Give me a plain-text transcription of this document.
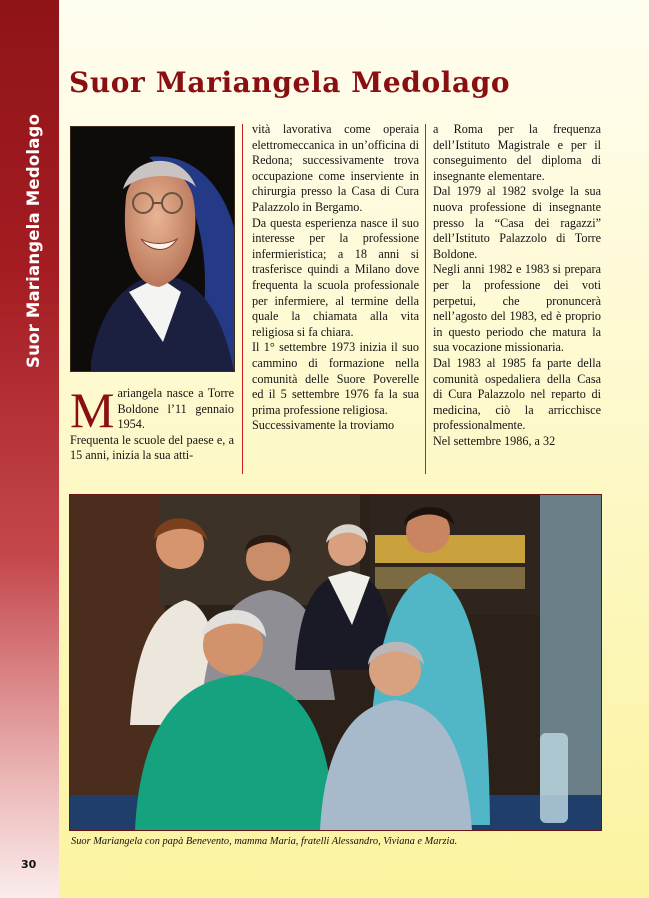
Suor Mariangela Medolago
30
Suor Mariangela Medolago
M ariangela nasce a Torre Boldone l’11 gennaio 1954.

Frequenta le scuole del paese e, a 15 anni, inizia la sua atti-

vità lavorativa come operaia elettromeccanica in un’officina di Redona; successivamente trova occupazione come inserviente in chirurgia presso la Casa di Cura Palazzolo in Bergamo.

Da questa esperienza nasce il suo interesse per la professione infermieristica; a 18 anni si trasferisce quindi a Milano dove frequenta la scuola professionale per infermiere, al termine della quale la chiamata alla vita religiosa si fa chiara.

Il 1° settembre 1973 inizia il suo cammino di formazione nella comunità delle Suore Poverelle ed il 5 settembre 1976 fa la sua prima professione religiosa.

Successivamente la troviamo

a Roma per la frequenza dell’Istituto Magistrale e per il conseguimento del diploma di insegnante elementare.

Dal 1979 al 1982 svolge la sua nuova professione di insegnante presso la “Casa dei ragazzi” dell’Istituto Palazzolo di Torre Boldone.

Negli anni 1982 e 1983 si prepara per la professione dei voti perpetui, che pronuncerà nell’agosto del 1983, ed è proprio in questo periodo che matura la sua vocazione missionaria.

Dal 1983 al 1985 fa parte della comunità ospedaliera della Casa di Cura Palazzolo nel reparto di medicina, ciò la arricchisce professionalmente.

Nel settembre 1986, a 32

Suor Mariangela con papà Benevento, mamma Maria, fratelli Alessandro, Viviana e Marzia.
